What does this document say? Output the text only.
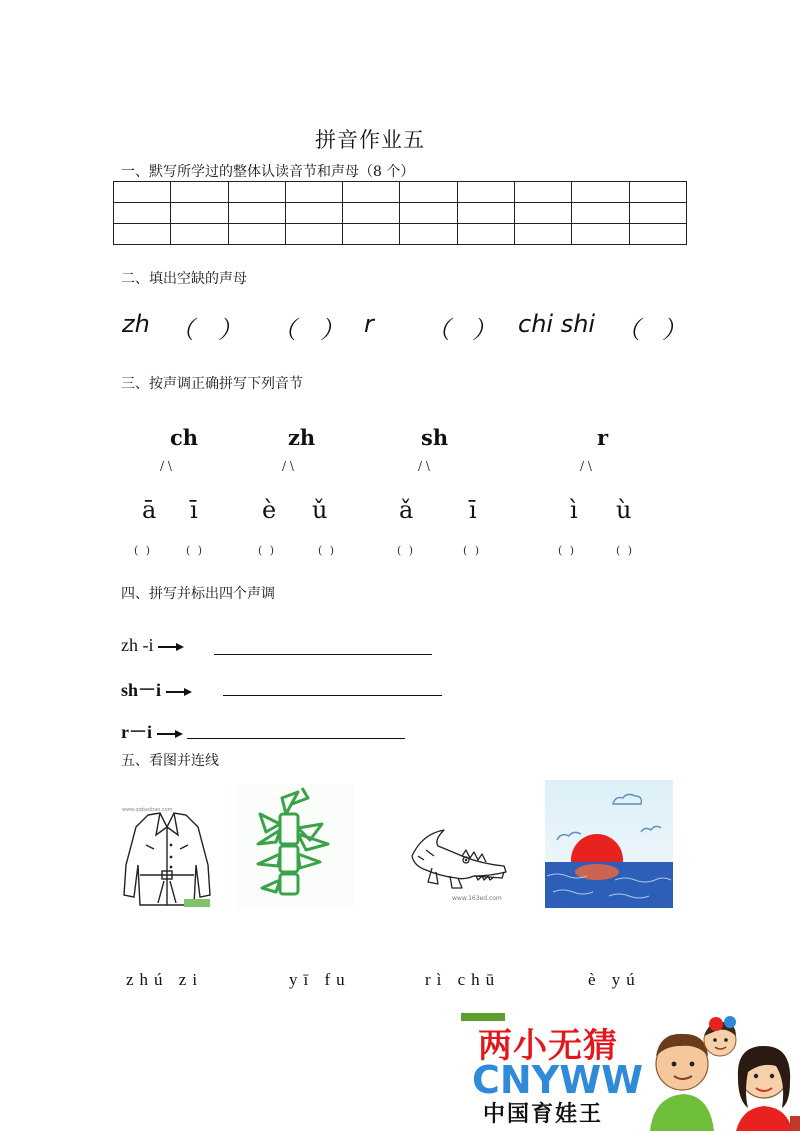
拼音作业五
一、默写所学过的整体认读音节和声母（8 个）

二、填出空缺的声母
zh （ ） （ ） r （ ） chi shi （ ）
三、按声调正确拼写下列音节
ch
/ \
ā ī
( )	( )
zh
/ \
è ǔ
( )	( )
sh
/ \
ǎ ī
( )	( )
r
/ \
ì ù
( )	( )
四、拼写并标出四个声调
zh -i
sh－i
r－i
五、看图并连线
www.qqbaobao.com
www.163ed.com
zhú zi	yī fu	rì chū	è yú
两小无猜
CNYWW
中国育娃王
